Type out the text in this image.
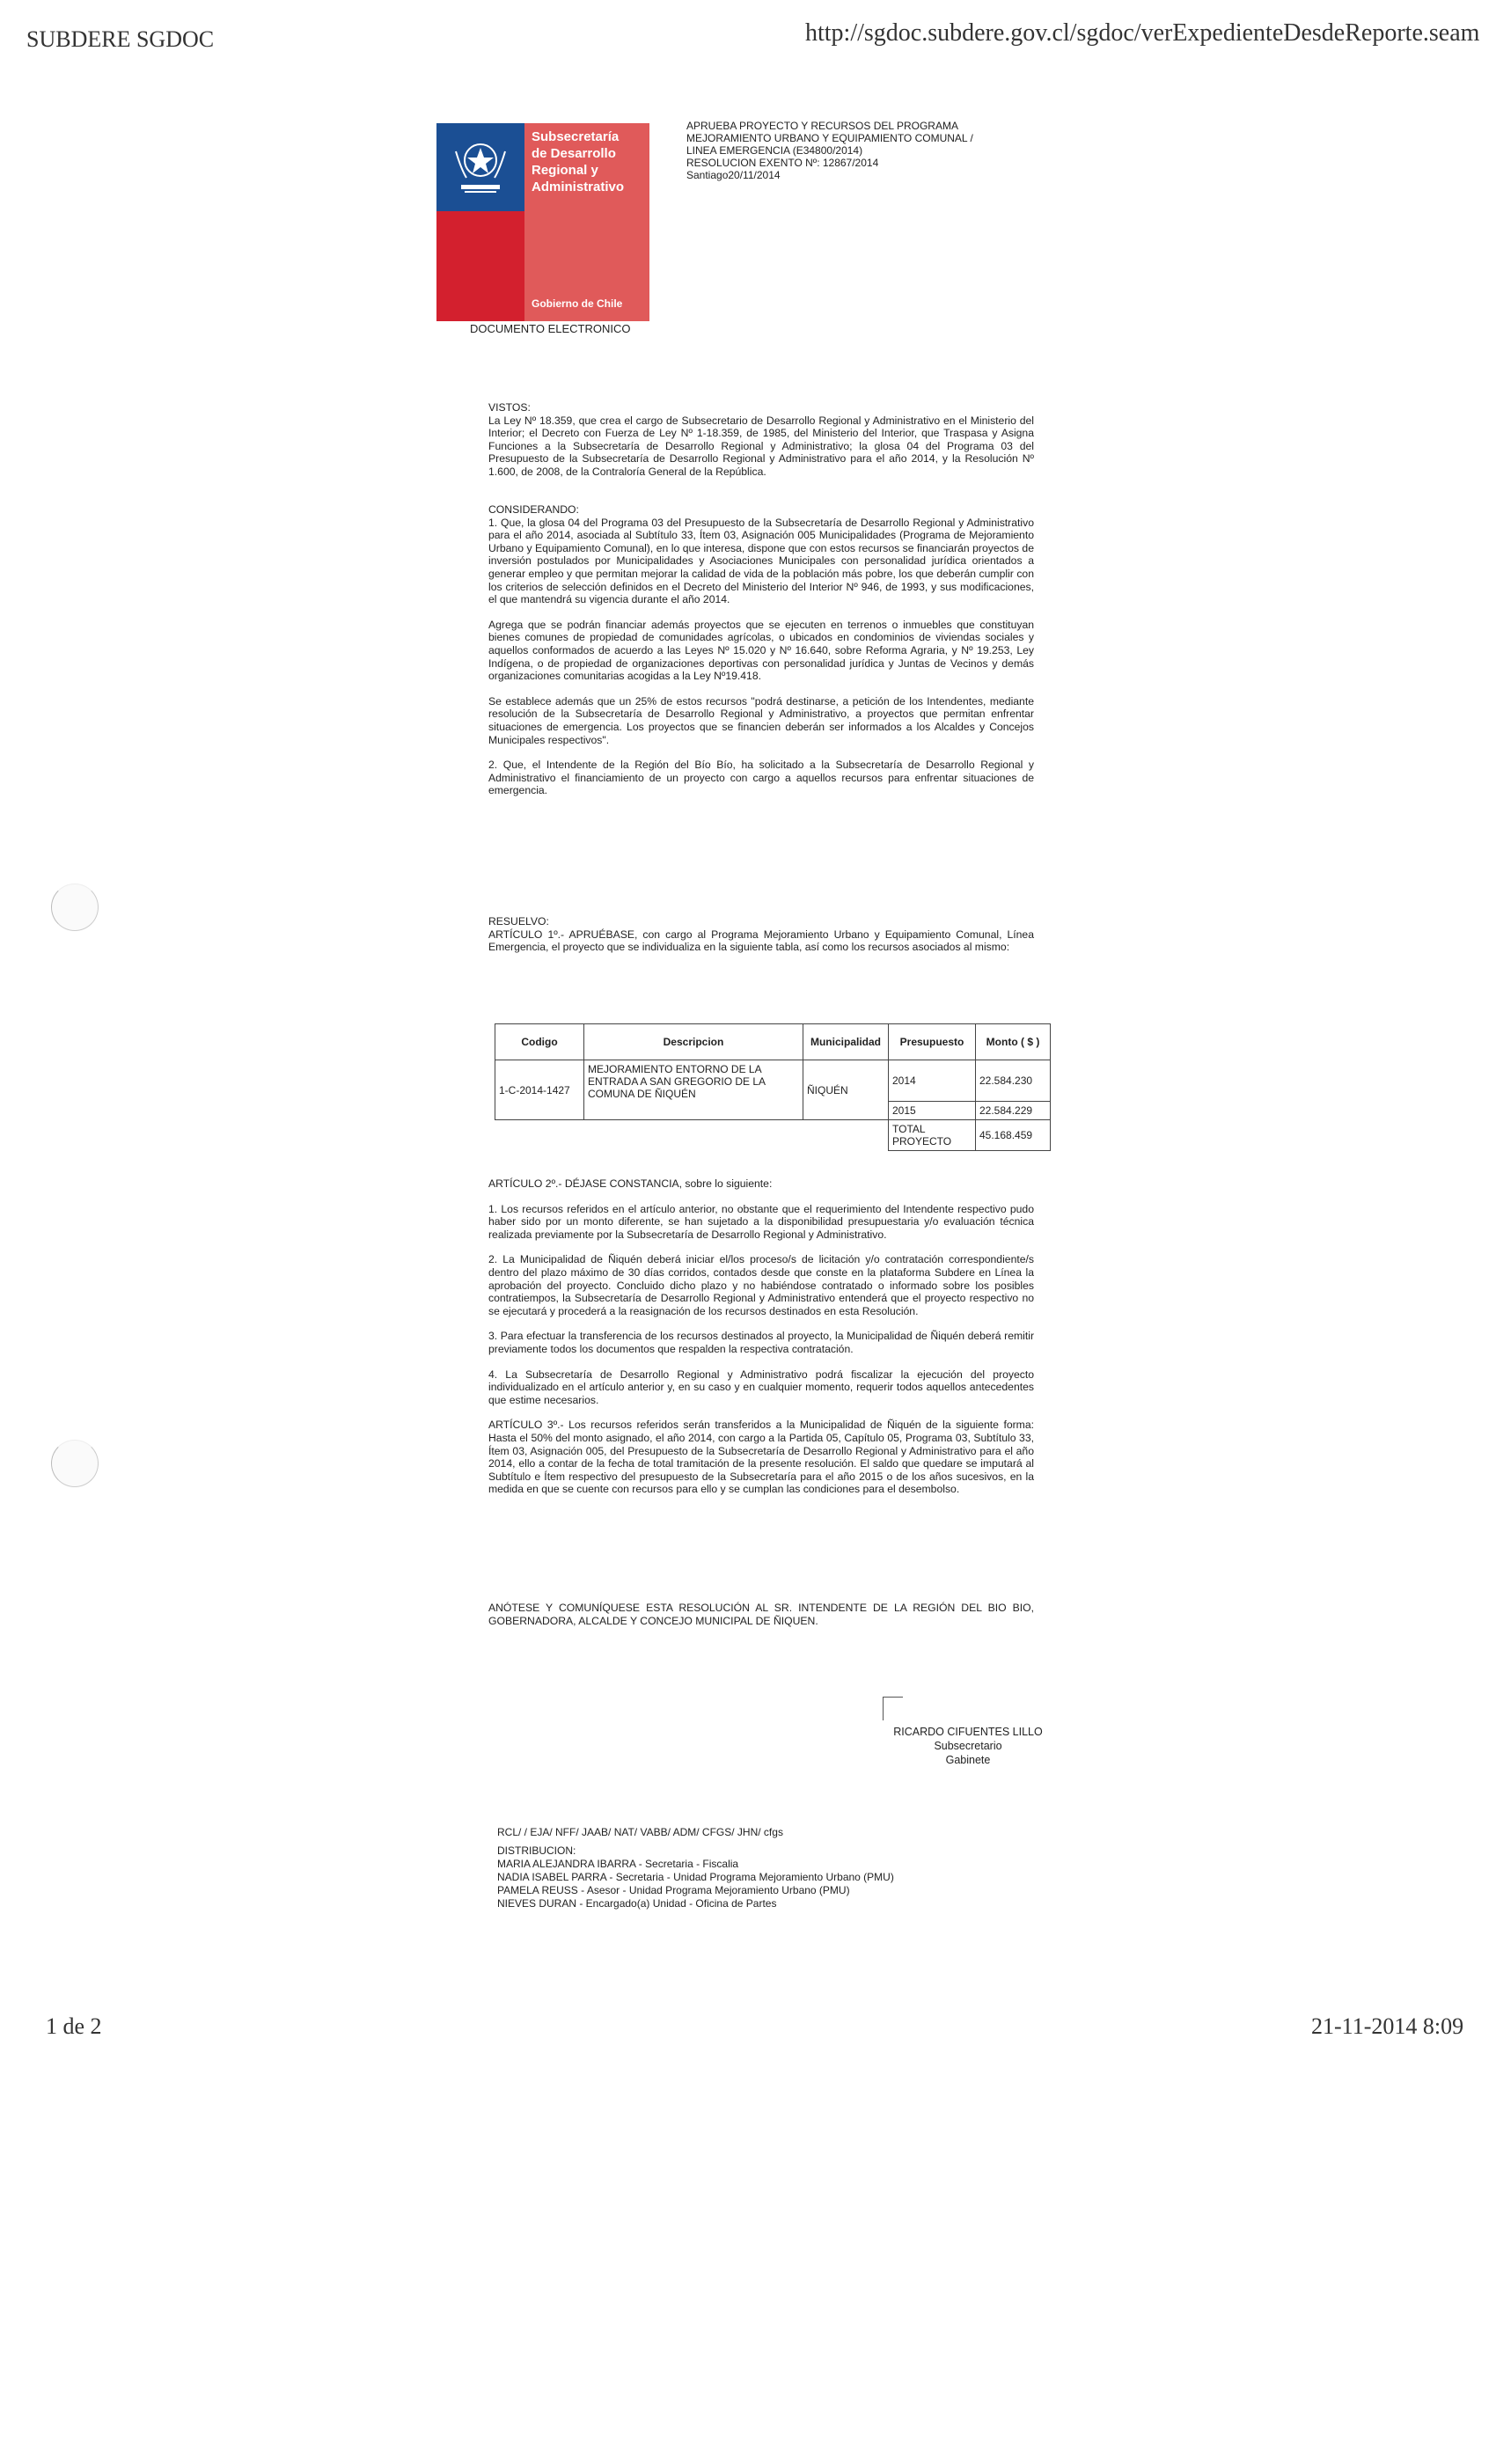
SUBDERE SGDOC	http://sgdoc.subdere.gov.cl/sgdoc/verExpedienteDesdeReporte.seam
Subsecretaría
de Desarrollo
Regional y
Administrativo
Gobierno de Chile
DOCUMENTO ELECTRONICO
APRUEBA PROYECTO Y RECURSOS DEL PROGRAMA
MEJORAMIENTO URBANO Y EQUIPAMIENTO COMUNAL /
LINEA EMERGENCIA (E34800/2014)
RESOLUCION EXENTO Nº: 12867/2014
Santiago20/11/2014

VISTOS:

La Ley Nº 18.359, que crea el cargo de Subsecretario de Desarrollo Regional y Administrativo en el Ministerio del Interior; el Decreto con Fuerza de Ley Nº 1-18.359, de 1985, del Ministerio del Interior, que Traspasa y Asigna Funciones a la Subsecretaría de Desarrollo Regional y Administrativo; la glosa 04 del Programa 03 del Presupuesto de la Subsecretaría de Desarrollo Regional y Administrativo para el año 2014, y la Resolución Nº 1.600, de 2008, de la Contraloría General de la República.

CONSIDERANDO:

1. Que, la glosa 04 del Programa 03 del Presupuesto de la Subsecretaría de Desarrollo Regional y Administrativo para el año 2014, asociada al Subtítulo 33, Ítem 03, Asignación 005 Municipalidades (Programa de Mejoramiento Urbano y Equipamiento Comunal), en lo que interesa, dispone que con estos recursos se financiarán proyectos de inversión postulados por Municipalidades y Asociaciones Municipales con personalidad jurídica orientados a generar empleo y que permitan mejorar la calidad de vida de la población más pobre, los que deberán cumplir con los criterios de selección definidos en el Decreto del Ministerio del Interior Nº 946, de 1993, y sus modificaciones, el que mantendrá su vigencia durante el año 2014.

Agrega que se podrán financiar además proyectos que se ejecuten en terrenos o inmuebles que constituyan bienes comunes de propiedad de comunidades agrícolas, o ubicados en condominios de viviendas sociales y aquellos conformados de acuerdo a las Leyes Nº 15.020 y Nº 16.640, sobre Reforma Agraria, y Nº 19.253, Ley Indígena, o de propiedad de organizaciones deportivas con personalidad jurídica y Juntas de Vecinos y demás organizaciones comunitarias acogidas a la Ley Nº19.418.

Se establece además que un 25% de estos recursos "podrá destinarse, a petición de los Intendentes, mediante resolución de la Subsecretaría de Desarrollo Regional y Administrativo, a proyectos que permitan enfrentar situaciones de emergencia. Los proyectos que se financien deberán ser informados a los Alcaldes y Concejos Municipales respectivos".

2. Que, el Intendente de la Región del Bío Bío, ha solicitado a la Subsecretaría de Desarrollo Regional y Administrativo el financiamiento de un proyecto con cargo a aquellos recursos para enfrentar situaciones de emergencia.

RESUELVO:

ARTÍCULO 1º.- APRUÉBASE, con cargo al Programa Mejoramiento Urbano y Equipamiento Comunal, Línea Emergencia, el proyecto que se individualiza en la siguiente tabla, así como los recursos asociados al mismo:

Codigo	Descripcion	Municipalidad	Presupuesto	Monto ( $ )
1-C-2014-1427	MEJORAMIENTO ENTORNO DE LA ENTRADA A SAN GREGORIO DE LA COMUNA DE ÑIQUÉN	ÑIQUÉN	2014	22.584.230
			2015	22.584.229
			TOTAL PROYECTO	45.168.459

ARTÍCULO 2º.- DÉJASE CONSTANCIA, sobre lo siguiente:

1. Los recursos referidos en el artículo anterior, no obstante que el requerimiento del Intendente respectivo pudo haber sido por un monto diferente, se han sujetado a la disponibilidad presupuestaria y/o evaluación técnica realizada previamente por la Subsecretaría de Desarrollo Regional y Administrativo.

2. La Municipalidad de Ñiquén deberá iniciar el/los proceso/s de licitación y/o contratación correspondiente/s dentro del plazo máximo de 30 días corridos, contados desde que conste en la plataforma Subdere en Línea la aprobación del proyecto. Concluido dicho plazo y no habiéndose contratado o informado sobre los posibles contratiempos, la Subsecretaría de Desarrollo Regional y Administrativo entenderá que el proyecto respectivo no se ejecutará y procederá a la reasignación de los recursos destinados en esta Resolución.

3. Para efectuar la transferencia de los recursos destinados al proyecto, la Municipalidad de Ñiquén deberá remitir previamente todos los documentos que respalden la respectiva contratación.

4. La Subsecretaría de Desarrollo Regional y Administrativo podrá fiscalizar la ejecución del proyecto individualizado en el artículo anterior y, en su caso y en cualquier momento, requerir todos aquellos antecedentes que estime necesarios.

ARTÍCULO 3º.- Los recursos referidos serán transferidos a la Municipalidad de Ñiquén de la siguiente forma: Hasta el 50% del monto asignado, el año 2014, con cargo a la Partida 05, Capítulo 05, Programa 03, Subtítulo 33, Ítem 03, Asignación 005, del Presupuesto de la Subsecretaría de Desarrollo Regional y Administrativo para el año 2014, ello a contar de la fecha de total tramitación de la presente resolución. El saldo que quedare se imputará al Subtítulo e Ítem respectivo del presupuesto de la Subsecretaría para el año 2015 o de los años sucesivos, en la medida en que se cuente con recursos para ello y se cumplan las condiciones para el desembolso.

ANÓTESE Y COMUNÍQUESE ESTA RESOLUCIÓN AL SR. INTENDENTE DE LA REGIÓN DEL BIO BIO, GOBERNADORA, ALCALDE Y CONCEJO MUNICIPAL DE ÑIQUEN.
RICARDO CIFUENTES LILLO
Subsecretario
Gabinete
RCL/ / EJA/ NFF/ JAAB/ NAT/ VABB/ ADM/ CFGS/ JHN/ cfgs
DISTRIBUCION:
MARIA ALEJANDRA IBARRA - Secretaria - Fiscalia
NADIA ISABEL PARRA - Secretaria - Unidad Programa Mejoramiento Urbano (PMU)
PAMELA REUSS - Asesor - Unidad Programa Mejoramiento Urbano (PMU)
NIEVES DURAN - Encargado(a) Unidad - Oficina de Partes
1 de 2	21-11-2014 8:09
